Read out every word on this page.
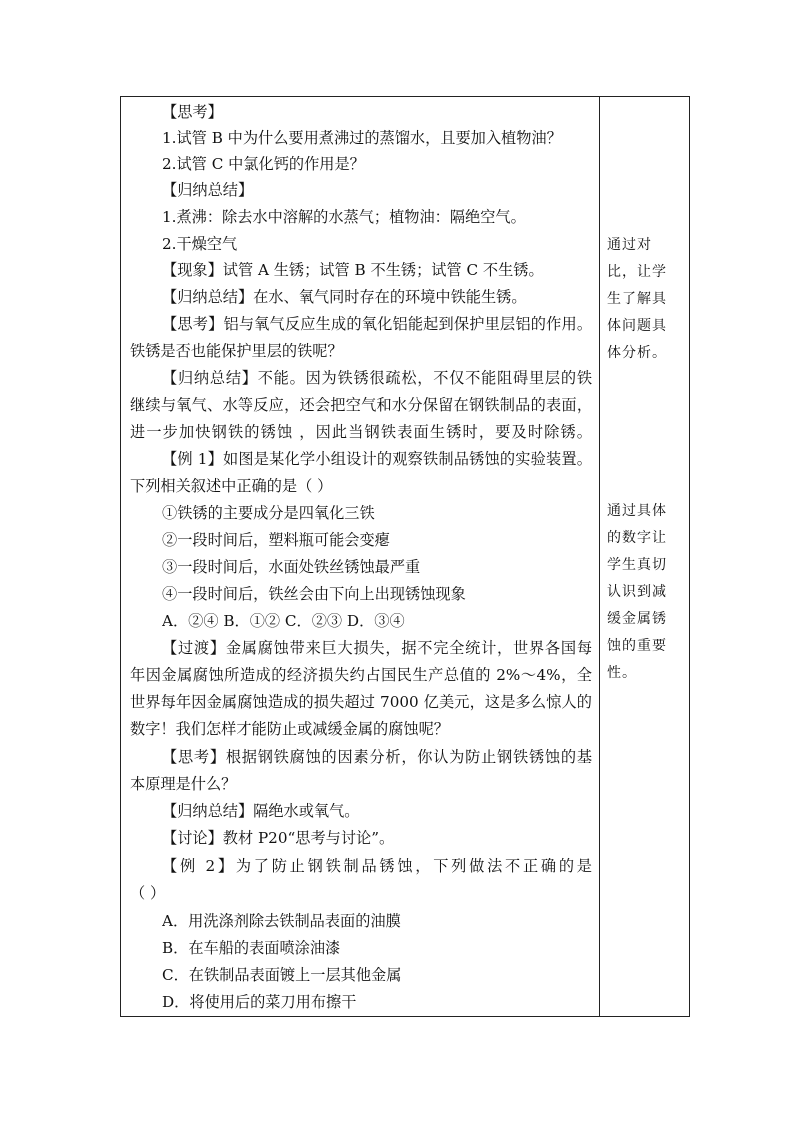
【思考】
1.试管 B 中为什么要用煮沸过的蒸馏水，且要加入植物油？
2.试管 C 中氯化钙的作用是？
【归纳总结】
1.煮沸：除去水中溶解的水蒸气；植物油：隔绝空气。
2.干燥空气
【现象】试管 A 生锈；试管 B 不生锈；试管 C 不生锈。
【归纳总结】在水、氧气同时存在的环境中铁能生锈。
【思考】铝与氧气反应生成的氧化铝能起到保护里层铝的作用。
铁锈是否也能保护里层的铁呢？
【归纳总结】不能。因为铁锈很疏松，不仅不能阻碍里层的铁
继续与氧气、水等反应，还会把空气和水分保留在钢铁制品的表面，
进一步加快钢铁的锈蚀 ，因此当钢铁表面生锈时，要及时除锈。
【例 1】如图是某化学小组设计的观察铁制品锈蚀的实验装置。
下列相关叙述中正确的是（ ）
①铁锈的主要成分是四氧化三铁
②一段时间后，塑料瓶可能会变瘪
③一段时间后，水面处铁丝锈蚀最严重
④一段时间后，铁丝会由下向上出现锈蚀现象
A．②④ B．①② C．②③ D．③④
【过渡】金属腐蚀带来巨大损失，据不完全统计，世界各国每
年因金属腐蚀所造成的经济损失约占国民生产总值的 2%～4%，全
世界每年因金属腐蚀造成的损失超过 7000 亿美元，这是多么惊人的
数字！我们怎样才能防止或减缓金属的腐蚀呢？
【思考】根据钢铁腐蚀的因素分析，你认为防止钢铁锈蚀的基
本原理是什么？
【归纳总结】隔绝水或氧气。
【讨论】教材 P20“思考与讨论”。
【例 2】为了防止钢铁制品锈蚀，下列做法不正确的是
（ ）
A．用洗涤剂除去铁制品表面的油膜
B．在车船的表面喷涂油漆
C．在铁制品表面镀上一层其他金属
D．将使用后的菜刀用布擦干
通过对
比，让学
生了解具
体问题具
体分析。
通过具体
的数字让
学生真切
认识到减
缓金属锈
蚀的重要
性。
